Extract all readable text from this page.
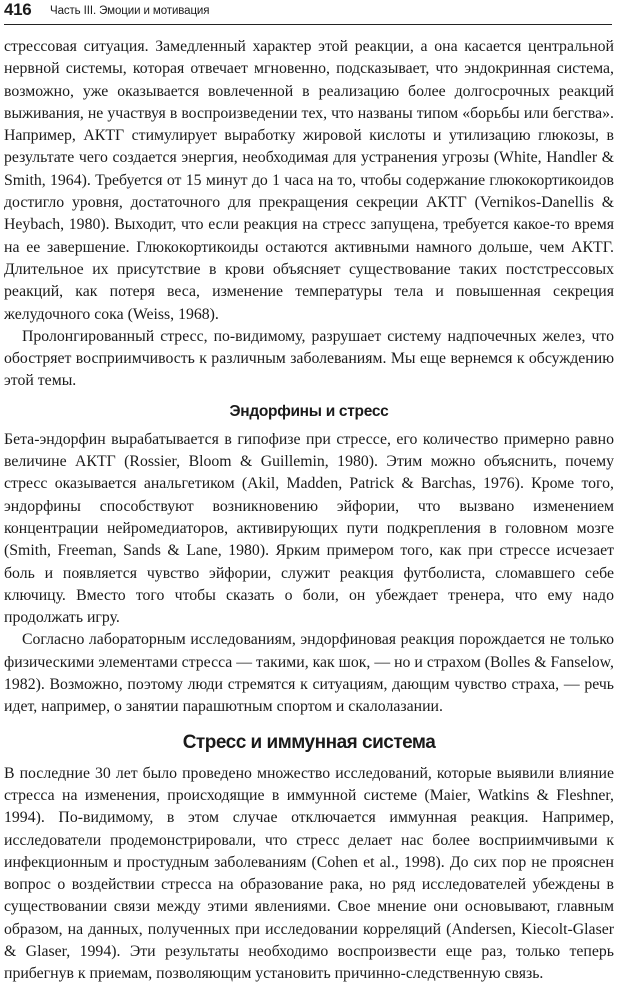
416 Часть III. Эмоции и мотивация

стрессовая ситуация. Замедленный характер этой реакции, а она касается центральной нервной системы, которая отвечает мгновенно, подсказывает, что эндокринная система, возможно, уже оказывается вовлеченной в реализацию более долгосрочных реакций выживания, не участвуя в воспроизведении тех, что названы типом «борьбы или бегства». Например, АКТГ стимулирует выработку жировой кислоты и утилизацию глюкозы, в результате чего создается энергия, необходимая для устранения угрозы (White, Handler & Smith, 1964). Требуется от 15 минут до 1 часа на то, чтобы содержание глюкокортикоидов достигло уровня, достаточного для прекращения секреции АКТГ (Vernikos-Danellis & Heybach, 1980). Выходит, что если реакция на стресс запущена, требуется какое-то время на ее завершение. Глюкокортикоиды остаются активными намного дольше, чем АКТГ. Длительное их присутствие в крови объясняет существование таких постстрессовых реакций, как потеря веса, изменение температуры тела и повышенная секреция желудочного сока (Weiss, 1968).

Пролонгированный стресс, по-видимому, разрушает систему надпочечных желез, что обостряет восприимчивость к различным заболеваниям. Мы еще вернемся к обсуждению этой темы.

Эндорфины и стресс

Бета-эндорфин вырабатывается в гипофизе при стрессе, его количество примерно равно величине АКТГ (Rossier, Bloom & Guillemin, 1980). Этим можно объяснить, почему стресс оказывается анальгетиком (Akil, Madden, Patrick & Barchas, 1976). Кроме того, эндорфины способствуют возникновению эйфории, что вызвано изменением концентрации нейромедиаторов, активирующих пути подкрепления в головном мозге (Smith, Freeman, Sands & Lane, 1980). Ярким примером того, как при стрессе исчезает боль и появляется чувство эйфории, служит реакция футболиста, сломавшего себе ключицу. Вместо того чтобы сказать о боли, он убеждает тренера, что ему надо продолжать игру.

Согласно лабораторным исследованиям, эндорфиновая реакция порождается не только физическими элементами стресса — такими, как шок, — но и страхом (Bolles & Fanselow, 1982). Возможно, поэтому люди стремятся к ситуациям, дающим чувство страха, — речь идет, например, о занятии парашютным спортом и скалолазании.

Стресс и иммунная система

В последние 30 лет было проведено множество исследований, которые выявили влияние стресса на изменения, происходящие в иммунной системе (Maier, Watkins & Fleshner, 1994). По-видимому, в этом случае отключается иммунная реакция. Например, исследователи продемонстрировали, что стресс делает нас более восприимчивыми к инфекционным и простудным заболеваниям (Cohen et al., 1998). До сих пор не прояснен вопрос о воздействии стресса на образование рака, но ряд исследователей убеждены в существовании связи между этими явлениями. Свое мнение они основывают, главным образом, на данных, полученных при исследовании корреляций (Andersen, Kiecolt-Glaser & Glaser, 1994). Эти результаты необходимо воспроизвести еще раз, только теперь прибегнув к приемам, позволяющим установить причинно-следственную связь.
